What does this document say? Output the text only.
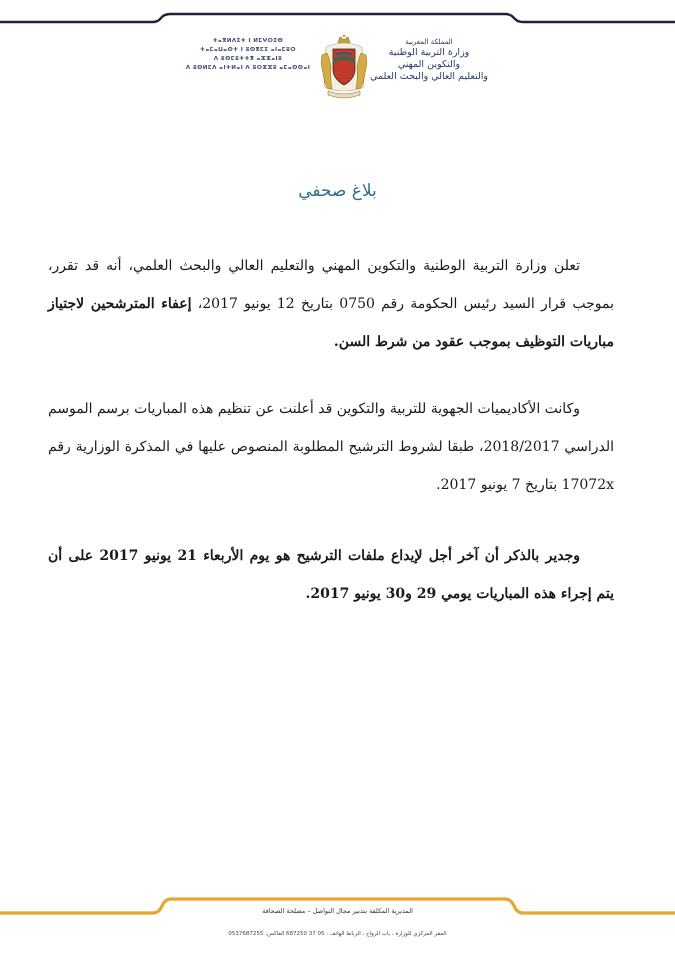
ⵜⴰⴳⵍⴷⵉⵜ ⵏ ⵍⵎⵖⵔⵉⴱ
ⵜⴰⵎⴰⵡⴰⵙⵜ ⵏ ⵓⵙⴳⵎⵉ ⴰⵏⴰⵎⵓⵔ
ⴷ ⵓⵙⵎⵓⵜⵜⴳ ⴰⵣⵣⴰⵏⵓ
ⴷ ⵓⵙⵍⵎⴷ ⴰⵏⵜⵍⴰⵏ ⴷ ⵓⵔⵣⵣⵓ ⴰⵎⴰⵙⵙⴰⵏ
المملكة المغربية
وزارة التربية الوطنية
والتكوين المهني
والتعليم العالي والبحث العلمي
بلاغ صحفي
تعلن وزارة التربية الوطنية والتكوين المهني والتعليم العالي والبحث العلمي، أنه قد تقرر، بموجب قرار السيد رئيس الحكومة رقم 0750 بتاريخ 12 يونيو 2017، إعفاء المترشحين لاجتياز مباريات التوظيف بموجب عقود من شرط السن.
وكانت الأكاديميات الجهوية للتربية والتكوين قد أعلنت عن تنظيم هذه المباريات برسم الموسم الدراسي 2018/2017، طبقا لشروط الترشيح المطلوبة المنصوص عليها في المذكرة الوزارية رقم 17072x بتاريخ 7 يونيو 2017.
وجدير بالذكر أن آخر أجل لإيداع ملفات الترشيح هو يوم الأربعاء 21 يونيو 2017 على أن يتم إجراء هذه المباريات يومي 29 و30 يونيو 2017.
المديرية المكلفة بتدبير مجال التواصل – مصلحة الصحافة
المقر المركزي للوزارة ، باب الرواح ، الرباط الهاتف : 05 37 687250 الفاكس: 0537687255
